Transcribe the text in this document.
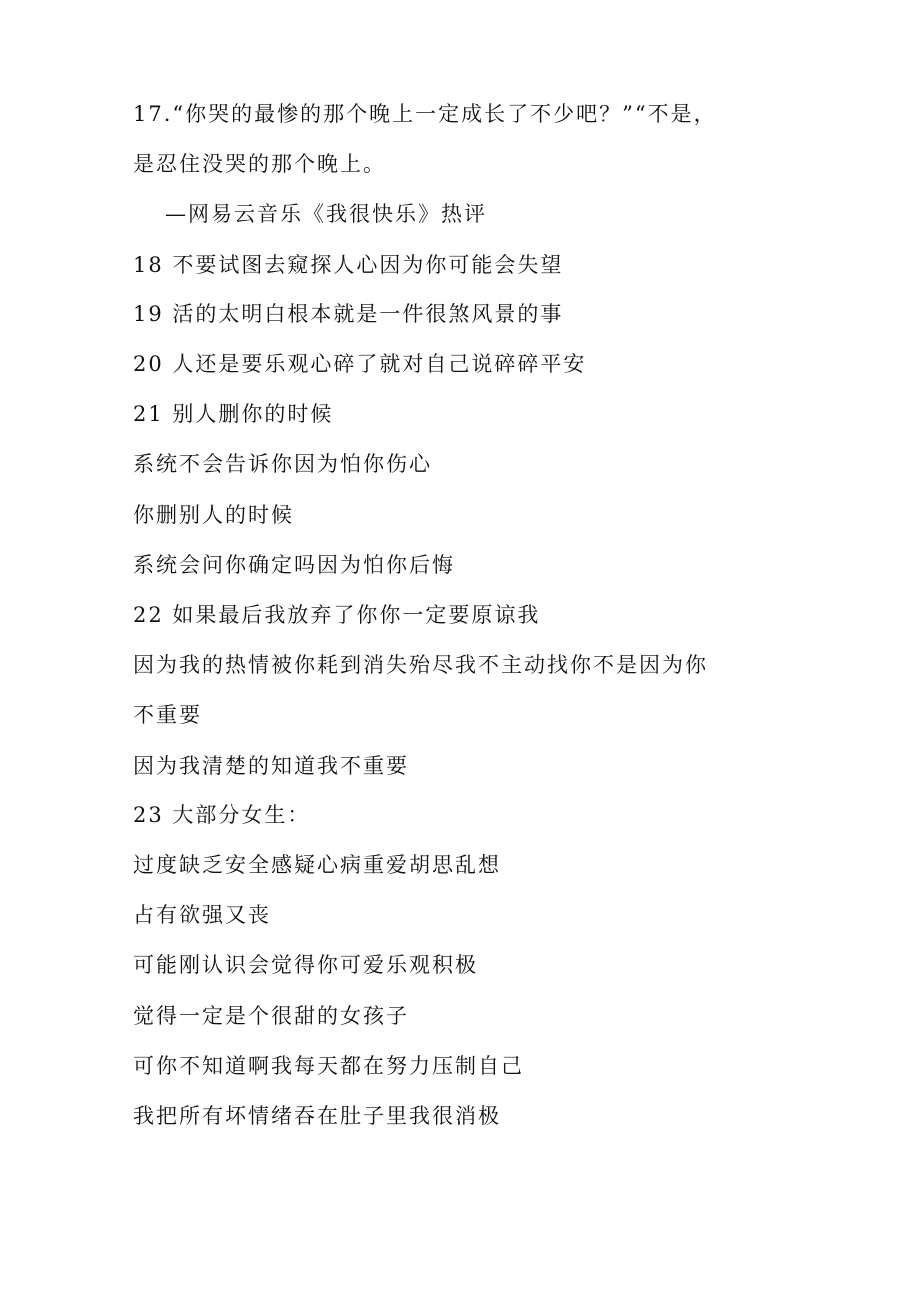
17.“你哭的最惨的那个晚上一定成长了不少吧？”“不是，
是忍住没哭的那个晚上。
—网易云音乐《我很快乐》热评
18 不要试图去窥探人心因为你可能会失望
19 活的太明白根本就是一件很煞风景的事
20 人还是要乐观心碎了就对自己说碎碎平安
21 别人删你的时候
系统不会告诉你因为怕你伤心
你删别人的时候
系统会问你确定吗因为怕你后悔
22 如果最后我放弃了你你一定要原谅我
因为我的热情被你耗到消失殆尽我不主动找你不是因为你
不重要
因为我清楚的知道我不重要
23 大部分女生：
过度缺乏安全感疑心病重爱胡思乱想
占有欲强又丧
可能刚认识会觉得你可爱乐观积极
觉得一定是个很甜的女孩子
可你不知道啊我每天都在努力压制自己
我把所有坏情绪吞在肚子里我很消极
